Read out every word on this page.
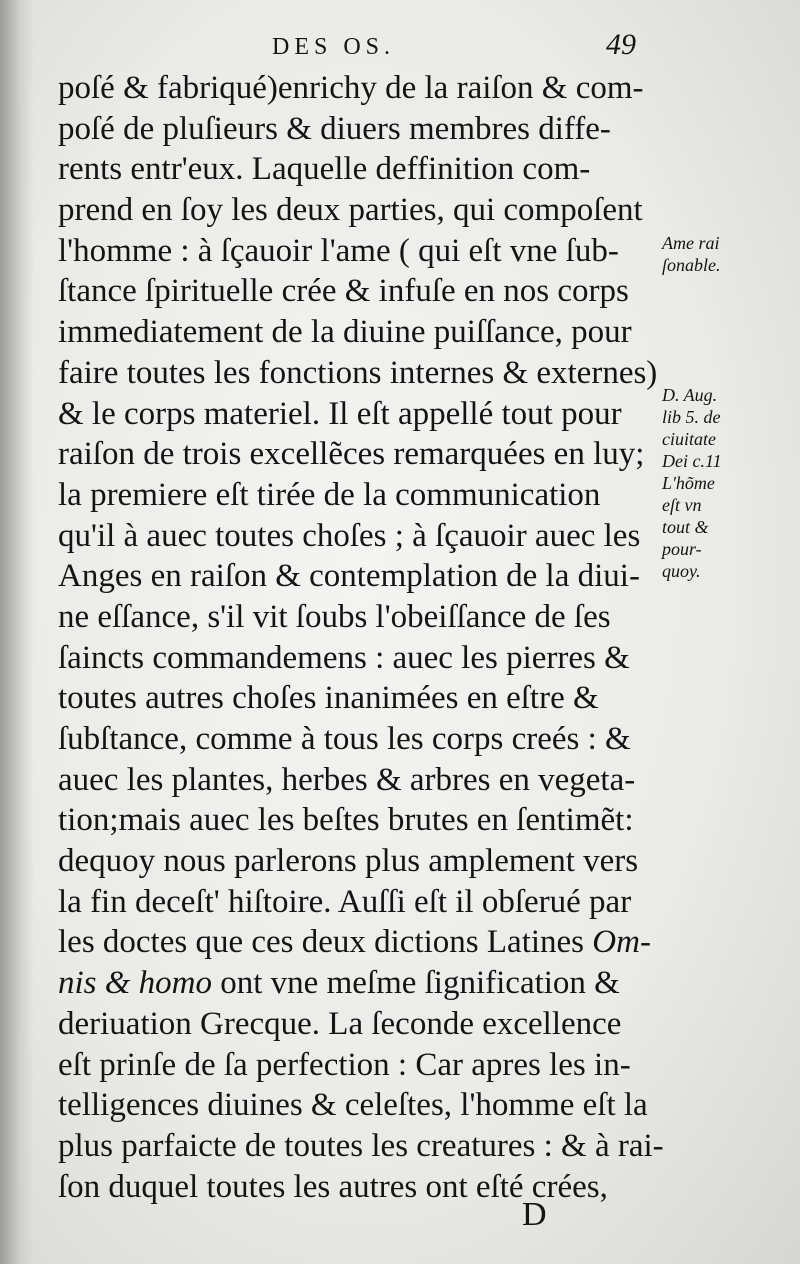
DES OS.	49
poſé & fabriqué)enrichy de la raiſon & com-
poſé de pluſieurs & diuers membres diffe-
rents entr'eux. Laquelle deffinition com-
prend en ſoy les deux parties, qui compoſent
l'homme : à ſçauoir l'ame ( qui eſt vne ſub-
ſtance ſpirituelle crée & infuſe en nos corps
immediatement de la diuine puiſſance, pour
faire toutes les fonctions internes & externes)
& le corps materiel. Il eſt appellé tout pour
raiſon de trois excellẽces remarquées en luy;
la premiere eſt tirée de la communication
qu'il à auec toutes choſes ; à ſçauoir auec les
Anges en raiſon & contemplation de la diui-
ne eſſance, s'il vit ſoubs l'obeiſſance de ſes
ſaincts commandemens : auec les pierres &
toutes autres choſes inanimées en eſtre &
ſubſtance, comme à tous les corps creés : &
auec les plantes, herbes & arbres en vegeta-
tion;mais auec les beſtes brutes en ſentimẽt:
dequoy nous parlerons plus amplement vers
la fin deceſt' hiſtoire. Auſſi eſt il obſerué par
les doctes que ces deux dictions Latines Om-
nis & homo ont vne meſme ſignification &
deriuation Grecque. La ſeconde excellence
eſt prinſe de ſa perfection : Car apres les in-
telligences diuines & celeſtes, l'homme eſt la
plus parfaicte de toutes les creatures : & à rai-
ſon duquel toutes les autres ont eſté crées,
Ame rai
ſonable.
D. Aug.
lib 5. de
ciuitate
Dei c.11
L'hõme
eſt vn
tout &
pour-
quoy.
D
